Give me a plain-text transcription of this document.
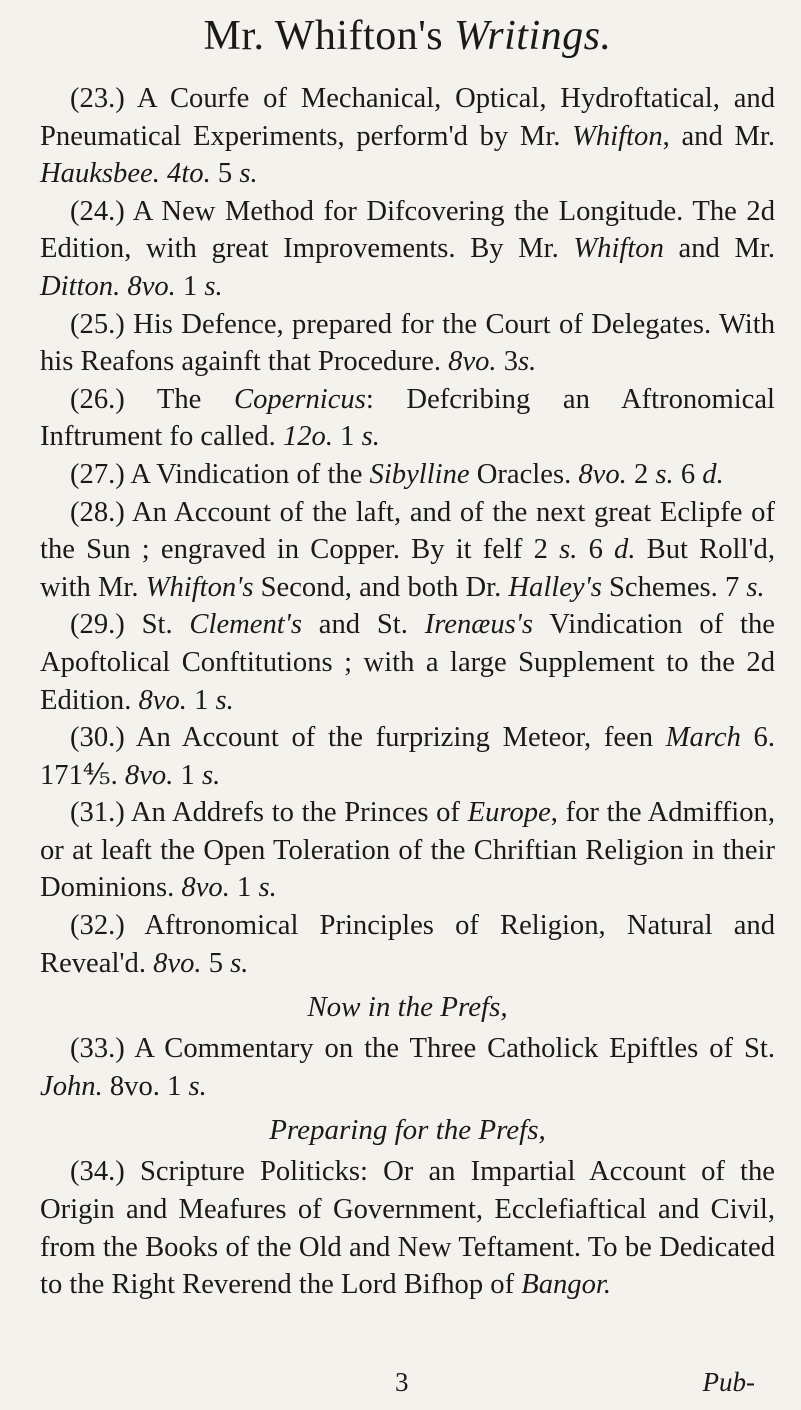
Mr. Whifton's Writings.

(23.) A Courfe of Mechanical, Optical, Hydroftatical, and Pneumatical Experiments, perform'd by Mr. Whifton, and Mr. Hauksbee. 4to. 5 s.

(24.) A New Method for Difcovering the Longitude. The 2d Edition, with great Improvements. By Mr. Whifton and Mr. Ditton. 8vo. 1 s.

(25.) His Defence, prepared for the Court of Delegates. With his Reafons againft that Procedure. 8vo. 3s.

(26.) The Copernicus: Defcribing an Aftronomical Inftrument fo called. 12o. 1 s.

(27.) A Vindication of the Sibylline Oracles. 8vo. 2 s. 6 d.

(28.) An Account of the laft, and of the next great Eclipfe of the Sun ; engraved in Copper. By it felf 2 s. 6 d. But Roll'd, with Mr. Whifton's Second, and both Dr. Halley's Schemes. 7 s.

(29.) St. Clement's and St. Irenæus's Vindication of the Apoftolical Conftitutions ; with a large Supplement to the 2d Edition. 8vo. 1 s.

(30.) An Account of the furprizing Meteor, feen March 6. 171⅘. 8vo. 1 s.

(31.) An Addrefs to the Princes of Europe, for the Admiffion, or at leaft the Open Toleration of the Chriftian Religion in their Dominions. 8vo. 1 s.

(32.) Aftronomical Principles of Religion, Natural and Reveal'd. 8vo. 5 s.

Now in the Prefs,

(33.) A Commentary on the Three Catholick Epiftles of St. John. 8vo. 1 s.

Preparing for the Prefs,

(34.) Scripture Politicks: Or an Impartial Account of the Origin and Meafures of Government, Ecclefiaftical and Civil, from the Books of the Old and New Teftament. To be Dedicated to the Right Reverend the Lord Bifhop of Bangor.

3	Pub-
